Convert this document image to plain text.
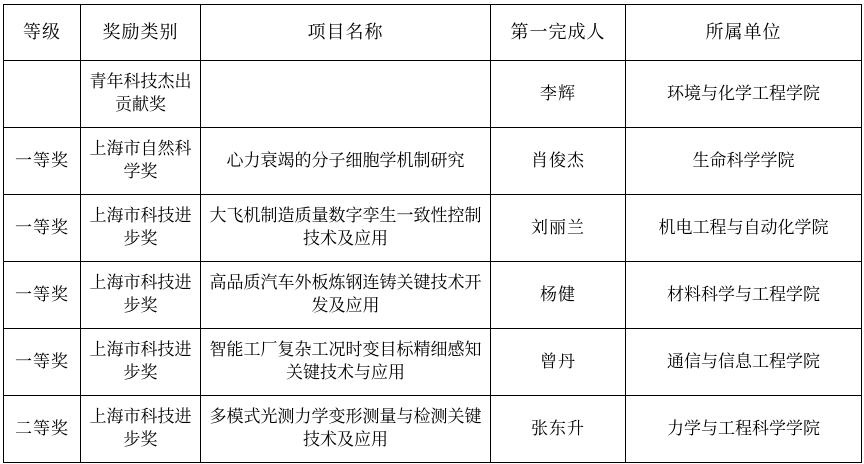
等级	奖励类别	项目名称	第一完成人	所属单位
	青年科技杰出贡献奖		李辉	环境与化学工程学院
一等奖	上海市自然科学奖	心力衰竭的分子细胞学机制研究	肖俊杰	生命科学学院
一等奖	上海市科技进步奖	大飞机制造质量数字孪生一致性控制技术及应用	刘丽兰	机电工程与自动化学院
一等奖	上海市科技进步奖	高品质汽车外板炼钢连铸关键技术开发及应用	杨健	材料科学与工程学院
一等奖	上海市科技进步奖	智能工厂复杂工况时变目标精细感知关键技术与应用	曾丹	通信与信息工程学院
二等奖	上海市科技进步奖	多模式光测力学变形测量与检测关键技术及应用	张东升	力学与工程科学学院
